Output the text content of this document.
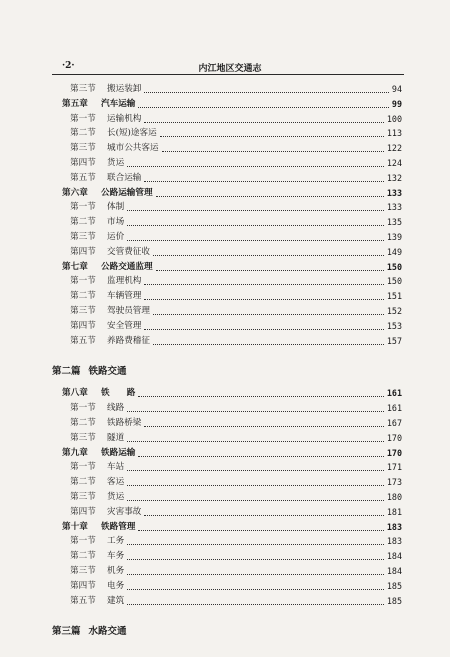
·2·	内江地区交通志
第三节	搬运装卸	94
第五章	汽车运输	99
第一节	运输机构	100
第二节	长(短)途客运	113
第三节	城市公共客运	122
第四节	货运	124
第五节	联合运输	132
第六章	公路运输管理	133
第一节	体制	133
第二节	市场	135
第三节	运价	139
第四节	交管费征收	149
第七章	公路交通监理	150
第一节	监理机构	150
第二节	车辆管理	151
第三节	驾驶员管理	152
第四节	安全管理	153
第五节	养路费稽征	157
第二篇 铁路交通
第八章	铁　　路	161
第一节	线路	161
第二节	铁路桥梁	167
第三节	隧道	170
第九章	铁路运输	170
第一节	车站	171
第二节	客运	173
第三节	货运	180
第四节	灾害事故	181
第十章	铁路管理	183
第一节	工务	183
第二节	车务	184
第三节	机务	184
第四节	电务	185
第五节	建筑	185
第三篇 水路交通
